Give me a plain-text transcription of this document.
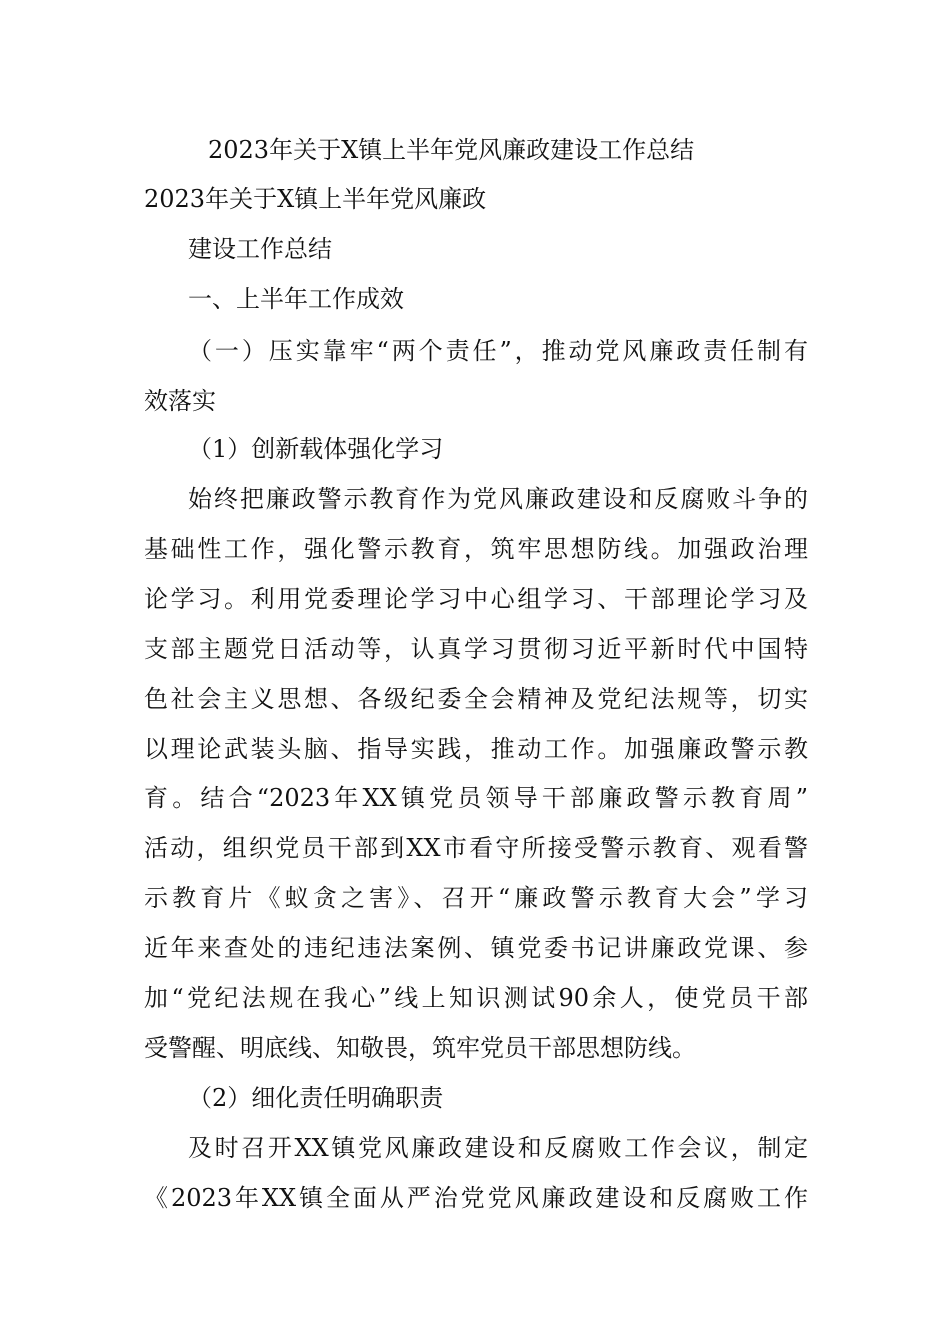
2023年关于X镇上半年党风廉政建设工作总结
2023年关于X镇上半年党风廉政
建设工作总结
一、上半年工作成效
（一）压实靠牢“两个责任”，推动党风廉政责任制有
效落实
（1）创新载体强化学习
始终把廉政警示教育作为党风廉政建设和反腐败斗争的
基础性工作，强化警示教育，筑牢思想防线。加强政治理
论学习。利用党委理论学习中心组学习、干部理论学习及
支部主题党日活动等，认真学习贯彻习近平新时代中国特
色社会主义思想、各级纪委全会精神及党纪法规等，切实
以理论武装头脑、指导实践，推动工作。加强廉政警示教
育。结合“2023年XX镇党员领导干部廉政警示教育周”
活动，组织党员干部到XX市看守所接受警示教育、观看警
示教育片《蚁贪之害》、召开“廉政警示教育大会”学习
近年来查处的违纪违法案例、镇党委书记讲廉政党课、参
加“党纪法规在我心”线上知识测试90余人，使党员干部
受警醒、明底线、知敬畏，筑牢党员干部思想防线。
（2）细化责任明确职责
及时召开XX镇党风廉政建设和反腐败工作会议，制定
《2023年XX镇全面从严治党党风廉政建设和反腐败工作
